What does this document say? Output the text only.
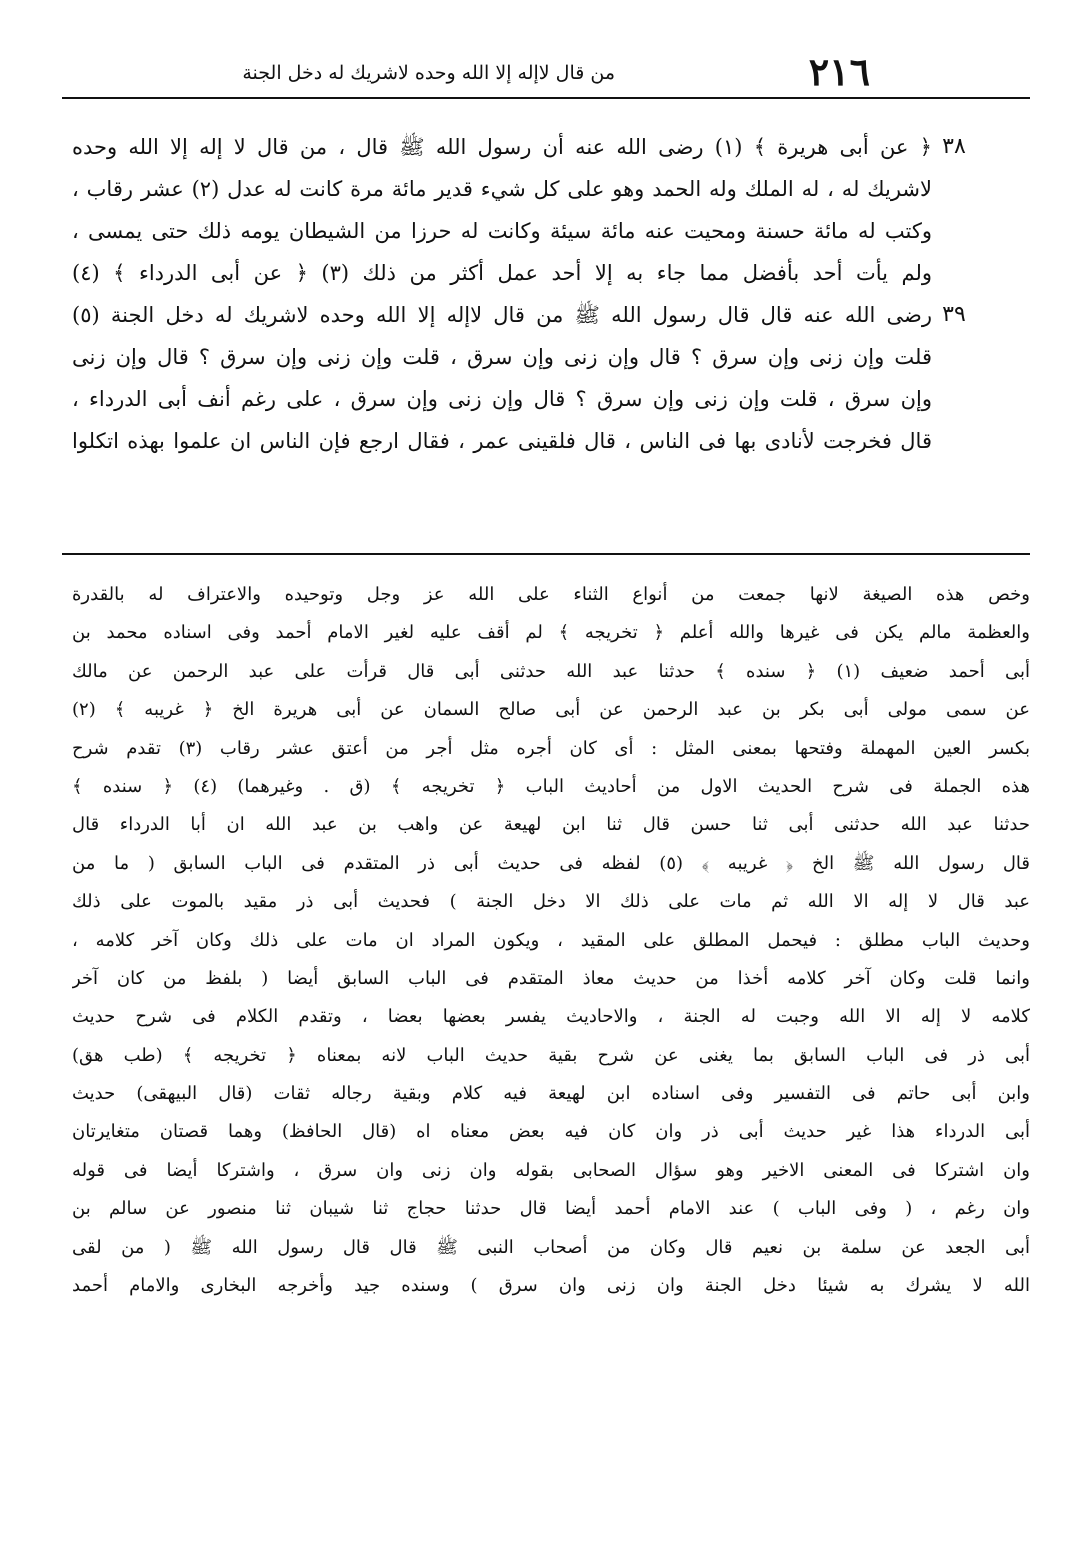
٢١٦
من قال لاإله إلا الله وحده لاشريك له دخل الجنة
٣٨
٣٩
﴿ عن أبى هريرة ﴾ (١) رضى الله عنه أن رسول الله ﷺ قال ، من قال لا إله إلا الله وحده
لاشريك له ، له الملك وله الحمد وهو على كل شيء قدير مائة مرة كانت له عدل (٢) عشر رقاب ،
وكتب له مائة حسنة ومحيت عنه مائة سيئة وكانت له حرزا من الشيطان يومه ذلك حتى يمسى ،
ولم يأت أحد بأفضل مما جاء به إلا أحد عمل أكثر من ذلك (٣) ﴿ عن أبى الدرداء ﴾ (٤)
رضى الله عنه قال قال رسول الله ﷺ من قال لاإله إلا الله وحده لاشريك له دخل الجنة (٥)
قلت وإن زنى وإن سرق ؟ قال وإن زنى وإن سرق ، قلت وإن زنى وإن سرق ؟ قال وإن زنى
وإن سرق ، قلت وإن زنى وإن سرق ؟ قال وإن زنى وإن سرق ، على رغم أنف أبى الدرداء ،
قال فخرجت لأنادى بها فى الناس ، قال فلقينى عمر ، فقال ارجع فإن الناس ان علموا بهذه اتكلوا
وخص هذه الصيغة لانها جمعت من أنواع الثناء على الله عز وجل وتوحيده والاعتراف له بالقدرة
والعظمة مالم يكن فى غيرها والله أعلم ﴿ تخريجه ﴾ لم أقف عليه لغير الامام أحمد وفى اسناده محمد بن
أبى أحمد ضعيف (١) ﴿ سنده ﴾ حدثنا عبد الله حدثنى أبى قال قرأت على عبد الرحمن عن مالك
عن سمى مولى أبى بكر بن عبد الرحمن عن أبى صالح السمان عن أبى هريرة الخ ﴿ غريبه ﴾ (٢)
بكسر العين المهملة وفتحها بمعنى المثل : أى كان أجره مثل أجر من أعتق عشر رقاب (٣) تقدم شرح
هذه الجملة فى شرح الحديث الاول من أحاديث الباب ﴿ تخريجه ﴾ (ق . وغيرهما) (٤) ﴿ سنده ﴾
حدثنا عبد الله حدثنى أبى ثنا حسن قال ثنا ابن لهيعة عن واهب بن عبد الله ان أبا الدرداء قال
قال رسول الله ﷺ الخ ﴿ غريبه ﴾ (٥) لفظه فى حديث أبى ذر المتقدم فى الباب السابق ( ما من
عبد قال لا إله الا الله ثم مات على ذلك الا دخل الجنة ) فحديث أبى ذر مقيد بالموت على ذلك
وحديث الباب مطلق : فيحمل المطلق على المقيد ، ويكون المراد ان مات على ذلك وكان آخر كلامه ،
وانما قلت وكان آخر كلامه أخذا من حديث معاذ المتقدم فى الباب السابق أيضا ( بلفظ من كان آخر
كلامه لا إله الا الله وجبت له الجنة ، والاحاديث يفسر بعضها بعضا ، وتقدم الكلام فى شرح حديث
أبى ذر فى الباب السابق بما يغنى عن شرح بقية حديث الباب لانه بمعناه ﴿ تخريجه ﴾ (طب هق)
وابن أبى حاتم فى التفسير وفى اسناده ابن لهيعة فيه كلام وبقية رجاله ثقات (قال البيهقى) حديث
أبى الدرداء هذا غير حديث أبى ذر وان كان فيه بعض معناه اه (قال الحافظ) وهما قصتان متغايرتان
وان اشتركا فى المعنى الاخير وهو سؤال الصحابى بقوله وان زنى وان سرق ، واشتركا أيضا فى قوله
وان رغم ، ( وفى الباب ) عند الامام أحمد أيضا قال حدثنا حجاج ثنا شيبان ثنا منصور عن سالم بن
أبى الجعد عن سلمة بن نعيم قال وكان من أصحاب النبى ﷺ قال قال رسول الله ﷺ ( من لقى
الله لا يشرك به شيئا دخل الجنة وان زنى وان سرق ) وسنده جيد وأخرجه البخارى والامام أحمد
